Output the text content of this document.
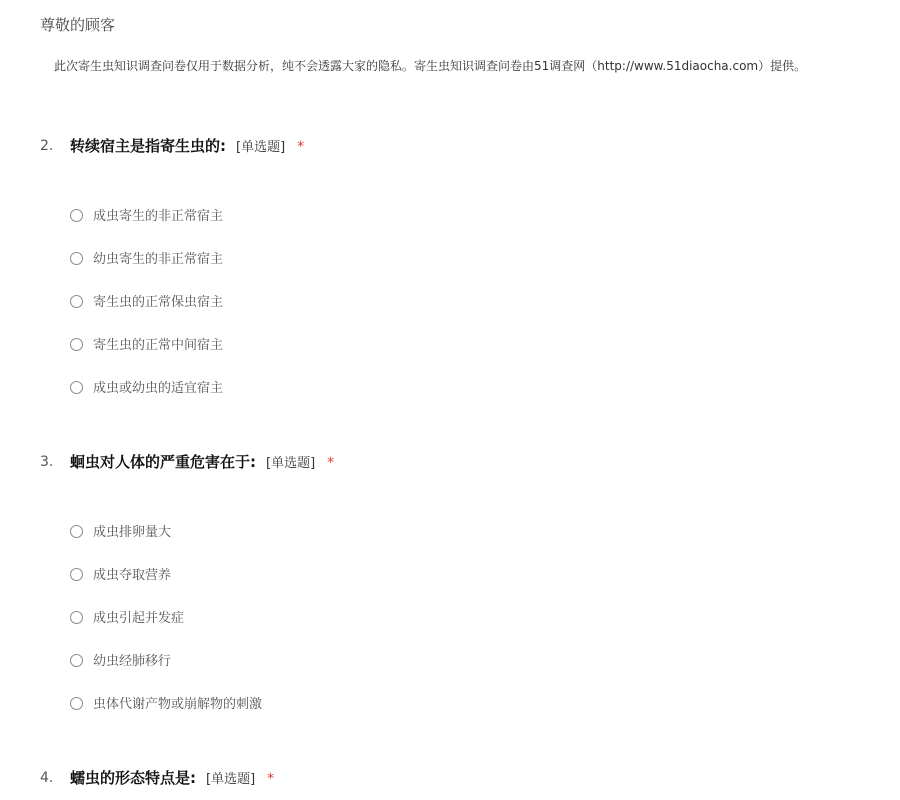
尊敬的顾客
此次寄生虫知识调查问卷仅用于数据分析，纯不会透露大家的隐私。寄生虫知识调查问卷由51调查网（http://www.51diaocha.com）提供。
2. 转续宿主是指寄生虫的: [单选题] *
成虫寄生的非正常宿主
幼虫寄生的非正常宿主
寄生虫的正常保虫宿主
寄生虫的正常中间宿主
成虫或幼虫的适宜宿主
3. 蛔虫对人体的严重危害在于: [单选题] *
成虫排卵量大
成虫夺取营养
成虫引起并发症
幼虫经肺移行
虫体代谢产物或崩解物的刺激
4. 蠕虫的形态特点是: [单选题] *
